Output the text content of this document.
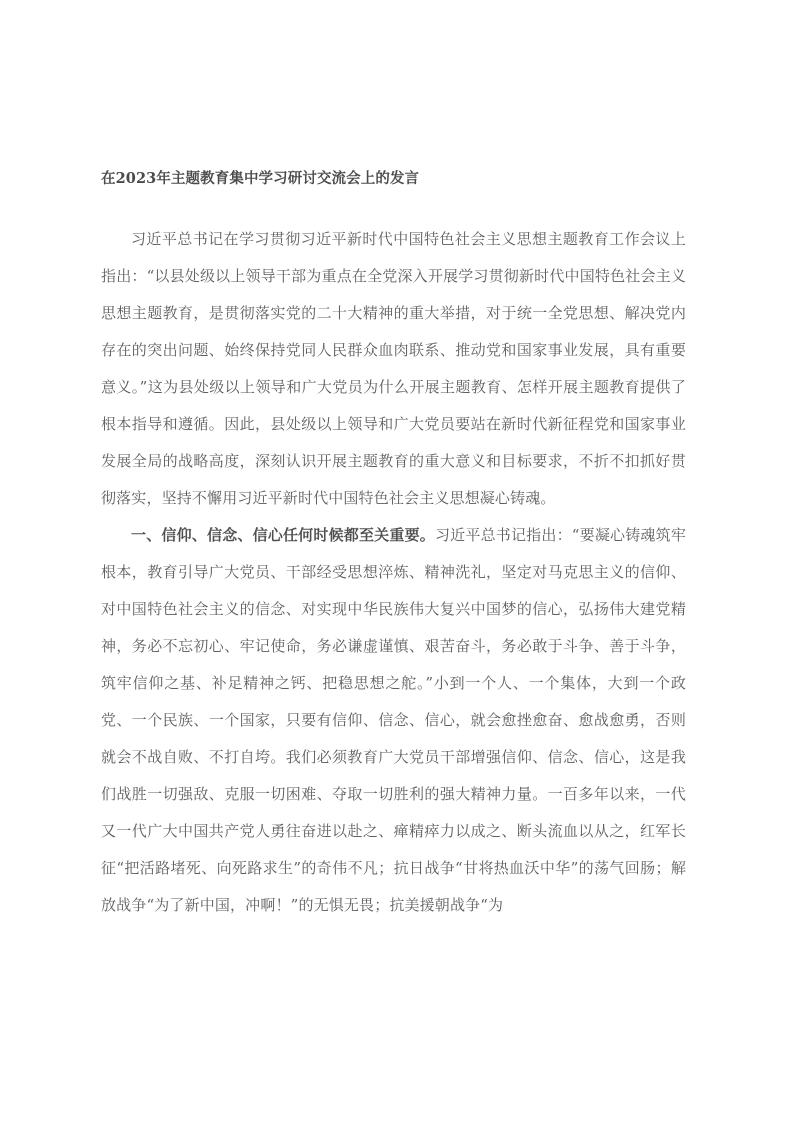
在2023年主题教育集中学习研讨交流会上的发言

习近平总书记在学习贯彻习近平新时代中国特色社会主义思想主题教育工作会议上指出：“以县处级以上领导干部为重点在全党深入开展学习贯彻新时代中国特色社会主义思想主题教育，是贯彻落实党的二十大精神的重大举措，对于统一全党思想、解决党内存在的突出问题、始终保持党同人民群众血肉联系、推动党和国家事业发展，具有重要意义。”这为县处级以上领导和广大党员为什么开展主题教育、怎样开展主题教育提供了根本指导和遵循。因此，县处级以上领导和广大党员要站在新时代新征程党和国家事业发展全局的战略高度，深刻认识开展主题教育的重大意义和目标要求，不折不扣抓好贯彻落实，坚持不懈用习近平新时代中国特色社会主义思想凝心铸魂。

一、信仰、信念、信心任何时候都至关重要。习近平总书记指出：“要凝心铸魂筑牢根本，教育引导广大党员、干部经受思想淬炼、精神洗礼，坚定对马克思主义的信仰、对中国特色社会主义的信念、对实现中华民族伟大复兴中国梦的信心，弘扬伟大建党精神，务必不忘初心、牢记使命，务必谦虚谨慎、艰苦奋斗，务必敢于斗争、善于斗争，筑牢信仰之基、补足精神之钙、把稳思想之舵。”小到一个人、一个集体，大到一个政党、一个民族、一个国家，只要有信仰、信念、信心，就会愈挫愈奋、愈战愈勇，否则就会不战自败、不打自垮。我们必须教育广大党员干部增强信仰、信念、信心，这是我们战胜一切强敌、克服一切困难、夺取一切胜利的强大精神力量。一百多年以来，一代又一代广大中国共产党人勇往奋进以赴之、瘅精瘁力以成之、断头流血以从之，红军长征“把活路堵死、向死路求生”的奇伟不凡；抗日战争“甘将热血沃中华”的荡气回肠；解放战争“为了新中国，冲啊！”的无惧无畏；抗美援朝战争“为
